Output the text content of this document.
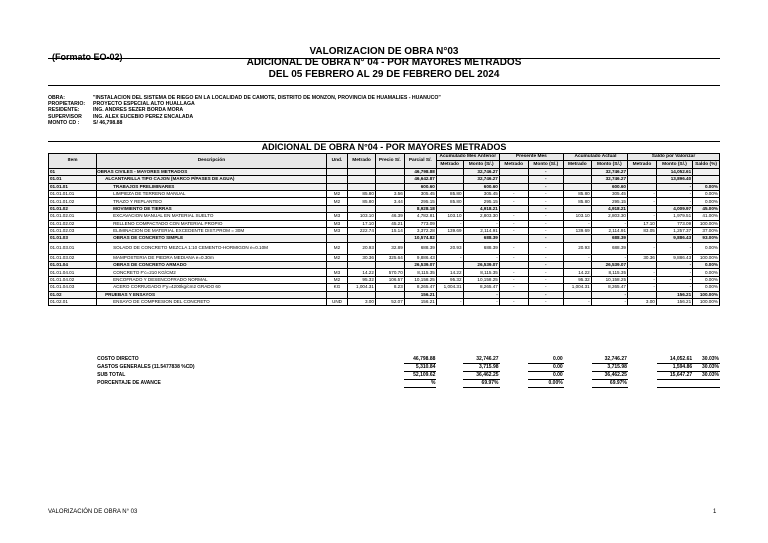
(Formato EO-02)	VALORIZACION DE OBRA N°03
ADICIONAL DE OBRA N° 04 - POR MAYORES METRADOS
DEL 05 FEBRERO AL 29 DE FEBRERO DEL 2024
OBRA:	"INSTALACION DEL SISTEMA DE RIEGO EN LA LOCALIDAD DE CAMOTE, DISTRITO DE MONZON, PROVINCIA DE HUAMALIES - HUANUCO"
PROPIETARIO:	PROYECTO ESPECIAL ALTO HUALLAGA
RESIDENTE:	ING. ANDRES SEZER BORDA MORA
SUPERVISOR	ING. ALEX EUCEBIO PEREZ ENCALADA
MONTO CD :	S/ 46,798.88
ADICIONAL DE OBRA N°04 - POR MAYORES METRADOS
Item	Descripción	Und.	Metrado	Precio S/.	Parcial S/.	Acumulado Mes Anterior		Presente Mes		Acumulado Actual		Saldo por Valorizar		
						Metrado	Monto (S/.)	Metrado	Monto (S/.)	Metrado	Monto (S/.)	Metrado	Monto (S/.)	Saldo (%)
01	OBRAS CIVILES - MAYORES METRADOS				46,798.88		32,746.27		-		32,746.27		14,052.61	
01.01	ALCANTARILLA TIPO CAJON (MARCO P/PASES DE AGUA)				46,642.87		32,746.27		-		32,746.27		13,896.40	
01.01.01	TRABAJOS PRELIMINARES				600.60		600.60		-		600.60		-	0.00%
01.01.01.01	LIMPIEZA DE TERRENO MANUAL	M2	85.80	3.56	305.45	85.80	305.45	-	-	85.80	305.45	-	-	0.00%
01.01.01.02	TRAZO Y REPLANTEO	M2	85.80	3.44	295.15	85.80	295.15	-	-	85.80	295.15	-	-	0.00%
01.01.02	MOVIMIENTO DE TIERRAS				8,928.18		4,918.21		-		4,918.21		4,009.97	45.00%
01.01.02.01	EXCAVACION MANUAL EN MATERIAL SUELTO	M3	103.10	46.39	4,782.81	103.10	2,803.30	-	-	103.10	2,803.30	-	1,979.51	41.00%
01.01.02.02	RELLENO COMPACTADO CON MATERIAL PROPIO	M3	17.10	45.21	773.09	-	-	-	-	-	-	17.10	773.09	100.00%
01.01.02.03	ELIMINACION DE MATERIAL EXCEDENTE DIST.PROM = 30M	M3	222.74	15.14	3,372.28	139.69	2,114.91	-	-	139.69	2,114.91	83.05	1,257.37	37.00%
01.01.03	OBRAS DE CONCRETO SIMPLE				10,574.82		688.39		-		688.39		9,886.43	93.00%
01.01.03.01	SOLADO DE CONCRETO MEZCLA 1:10 CEMENTO-HORMIGON e=0.10M	M2	20.93	32.89	688.39	20.93	688.39	-	-	20.93	688.39	-	-	0.00%
01.01.03.02	MAMPOSTERIA DE PIEDRA MEDIANA e=0.30m	M2	30.36	325.64	9,886.43	-	-	-	-	-	-	30.36	9,886.43	100.00%
01.01.04	OBRAS DE CONCRETO ARMADO				26,539.07		26,539.07		-		26,539.07		-	0.00%
01.01.04.01	CONCRETO F'c=210 KG/CM2	M3	14.22	570.70	8,115.35	14.22	8,115.35	-	-	14.22	8,115.35	-	-	0.00%
01.01.04.02	ENCOFRADO Y DESENCOFRADO NORMAL	M2	95.32	106.57	10,158.25	95.32	10,158.25	-	-	95.32	10,158.25	-	-	0.00%
01.01.04.03	ACERO CORRUGADO F'y=4200kg/cm2 GRADO 60	KG	1,004.31	8.23	8,265.47	1,004.31	8,265.47	-	-	1,004.31	8,265.47	-	-	0.00%
01.02	PRUEBAS Y ENSAYOS				156.21		-		-		-		156.21	100.00%
01.02.01	ENSAYO DE COMPRESION DEL CONCRETO	UND	3.00	52.07	156.21	-	-	-	-	-	-	3.00	156.21	100.00%
	COSTO DIRECTO				46,798.88		32,746.27		0.00		32,746.27		14,052.61	30.03%
	GASTOS GENERALES (11.5477838 %CD)				5,310.84		3,715.98		0.00		3,715.98		1,594.86	30.03%
	SUB TOTAL				52,109.62		36,462.25		0.00		36,462.25		15,647.27	30.03%
	PORCENTAJE DE AVANCE				%		69.97%		0.00%		69.97%			
VALORIZACIÓN DE OBRA N° 03	1
